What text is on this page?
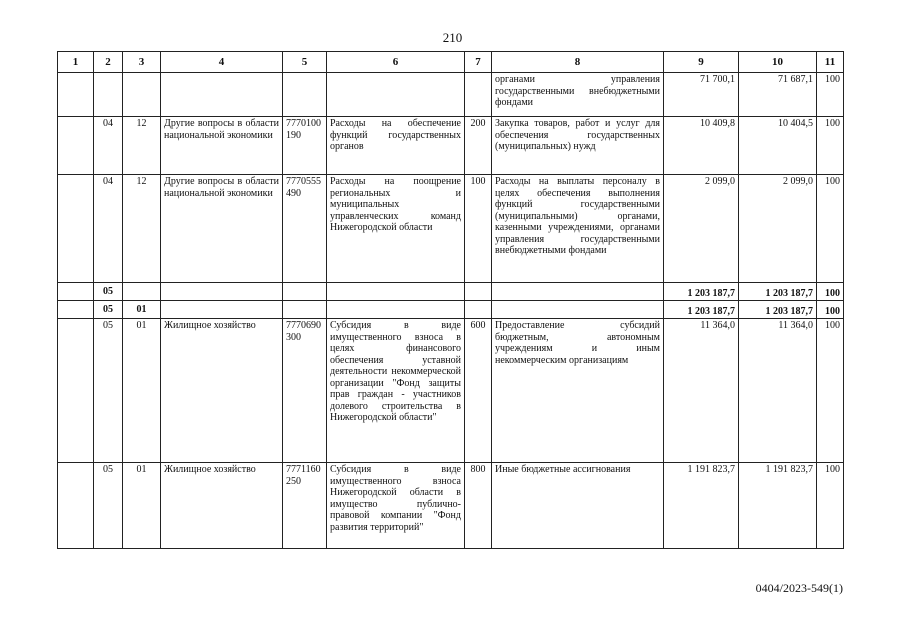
210
1	2	3	4	5	6	7	8	9	10	11
							органами управления государственными внебюджетными фондами	71 700,1	71 687,1	100
	04	12	Другие вопросы в области национальной экономики	7770100190	Расходы на обеспечение функций государственных органов	200	Закупка товаров, работ и услуг для обеспечения государственных (муниципальных) нужд	10 409,8	10 404,5	100
	04	12	Другие вопросы в области национальной экономики	7770555490	Расходы на поощрение региональных и муниципальных управленческих команд Нижегородской области	100	Расходы на выплаты персоналу в целях обеспечения выполнения функций государственными (муниципальными) органами, казенными учреждениями, органами управления государственными внебюджетными фондами	2 099,0	2 099,0	100
	05							1 203 187,7	1 203 187,7	100
	05	01						1 203 187,7	1 203 187,7	100
	05	01	Жилищное хозяйство	7770690300	Субсидия в виде имущественного взноса в целях финансового обеспечения уставной деятельности некоммерческой организации "Фонд защиты прав граждан - участников долевого строительства в Нижегородской области"	600	Предоставление субсидий бюджетным, автономным учреждениям и иным некоммерческим организациям	11 364,0	11 364,0	100
	05	01	Жилищное хозяйство	7771160250	Субсидия в виде имущественного взноса Нижегородской области в имущество публично-правовой компании "Фонд развития территорий"	800	Иные бюджетные ассигнования	1 191 823,7	1 191 823,7	100
0404/2023-549(1)
